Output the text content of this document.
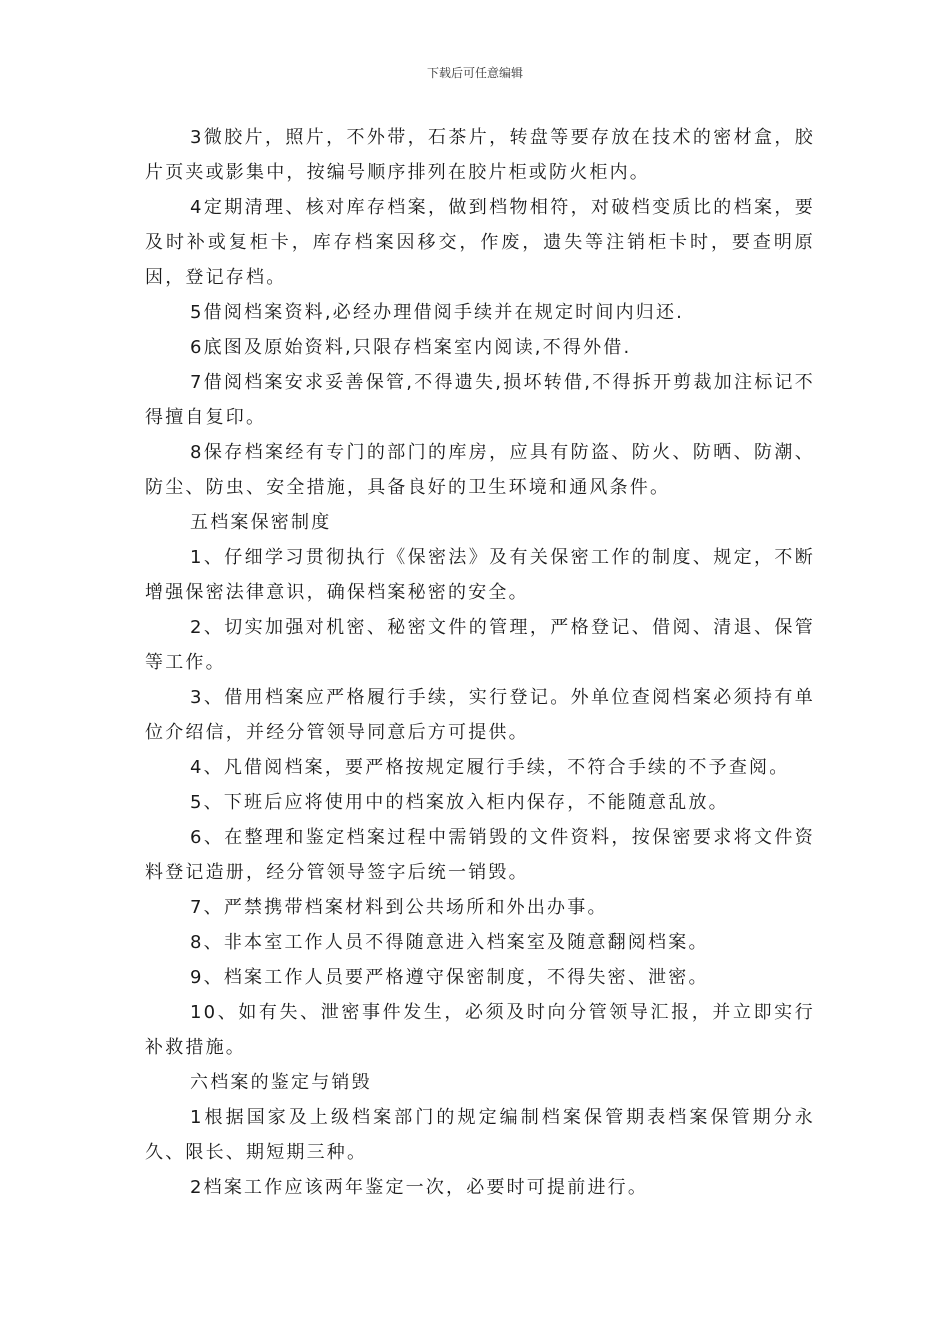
下载后可任意编辑

3微胶片，照片，不外带，石茶片，转盘等要存放在技术的密材盒，胶片页夹或影集中，按编号顺序排列在胶片柜或防火柜内。

4定期清理、核对库存档案，做到档物相符，对破档变质比的档案，要及时补或复柜卡，库存档案因移交，作废，遗失等注销柜卡时，要查明原因，登记存档。

5借阅档案资料,必经办理借阅手续并在规定时间内归还.

6底图及原始资料,只限存档案室内阅读,不得外借.

7借阅档案安求妥善保管,不得遗失,损坏转借,不得拆开剪裁加注标记不得擅自复印。

8保存档案经有专门的部门的库房，应具有防盗、防火、防晒、防潮、防尘、防虫、安全措施，具备良好的卫生环境和通风条件。

五档案保密制度

1、仔细学习贯彻执行《保密法》及有关保密工作的制度、规定，不断增强保密法律意识，确保档案秘密的安全。

2、切实加强对机密、秘密文件的管理，严格登记、借阅、清退、保管等工作。

3、借用档案应严格履行手续，实行登记。外单位查阅档案必须持有单位介绍信，并经分管领导同意后方可提供。

4、凡借阅档案，要严格按规定履行手续，不符合手续的不予查阅。

5、下班后应将使用中的档案放入柜内保存，不能随意乱放。

6、在整理和鉴定档案过程中需销毁的文件资料，按保密要求将文件资料登记造册，经分管领导签字后统一销毁。

7、严禁携带档案材料到公共场所和外出办事。

8、非本室工作人员不得随意进入档案室及随意翻阅档案。

9、档案工作人员要严格遵守保密制度，不得失密、泄密。

10、如有失、泄密事件发生，必须及时向分管领导汇报，并立即实行补救措施。

六档案的鉴定与销毁

1根据国家及上级档案部门的规定编制档案保管期表档案保管期分永久、限长、期短期三种。

2档案工作应该两年鉴定一次，必要时可提前进行。
